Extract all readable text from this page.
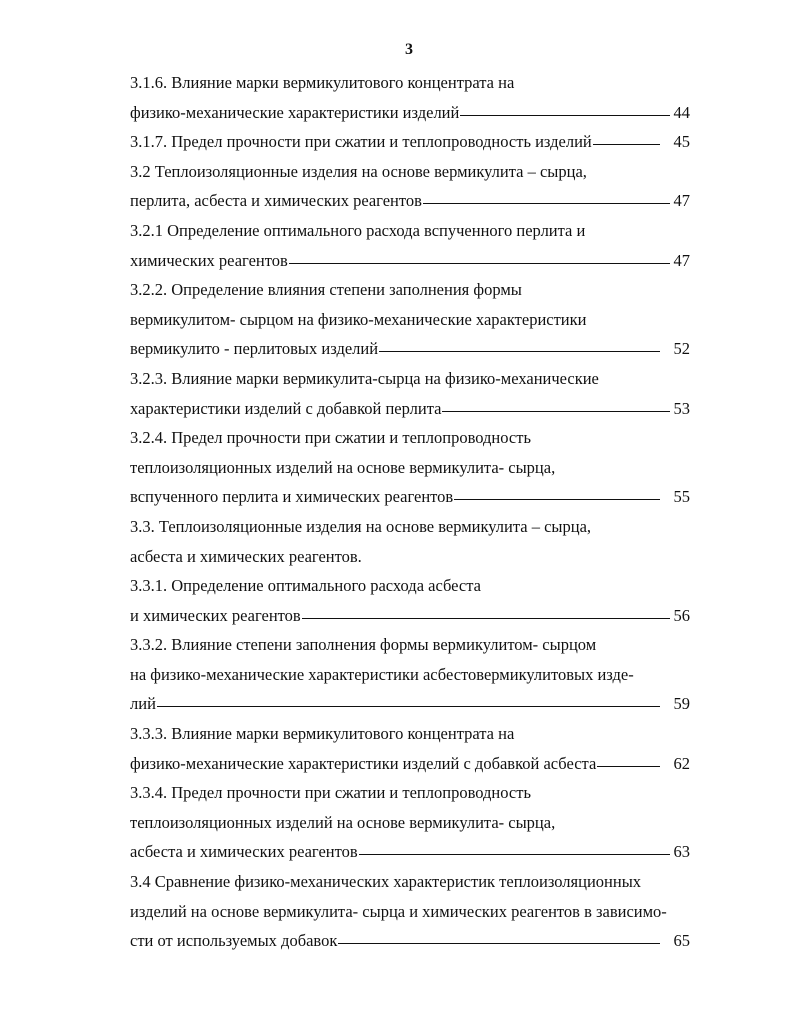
3
3.1.6. Влияние марки вермикулитового концентрата на
физико-механические характеристики изделий	44
3.1.7. Предел прочности при сжатии и теплопроводность изделий	45
3.2 Теплоизоляционные изделия на основе вермикулита – сырца,
перлита, асбеста и химических реагентов	47
3.2.1 Определение оптимального расхода вспученного перлита и
химических реагентов	47
3.2.2. Определение влияния степени заполнения формы
вермикулитом- сырцом на физико-механические характеристики
вермикулито - перлитовых изделий	52
3.2.3. Влияние марки вермикулита-сырца на физико-механические
характеристики изделий с добавкой перлита	53
3.2.4. Предел прочности при сжатии и теплопроводность
теплоизоляционных изделий на основе вермикулита- сырца,
вспученного перлита и химических реагентов	55
3.3. Теплоизоляционные изделия на основе вермикулита – сырца,
асбеста и химических реагентов.
3.3.1. Определение оптимального расхода асбеста
и химических реагентов	56
3.3.2. Влияние степени заполнения формы вермикулитом- сырцом
на физико-механические характеристики асбестовермикулитовых изде-
лий	59
3.3.3. Влияние марки вермикулитового концентрата на
физико-механические характеристики изделий с добавкой асбеста	62
3.3.4. Предел прочности при сжатии и теплопроводность
теплоизоляционных изделий на основе вермикулита- сырца,
асбеста и химических реагентов	63
3.4 Сравнение физико-механических характеристик теплоизоляционных
изделий на основе вермикулита- сырца и химических реагентов в зависимо-
сти от используемых добавок	65
